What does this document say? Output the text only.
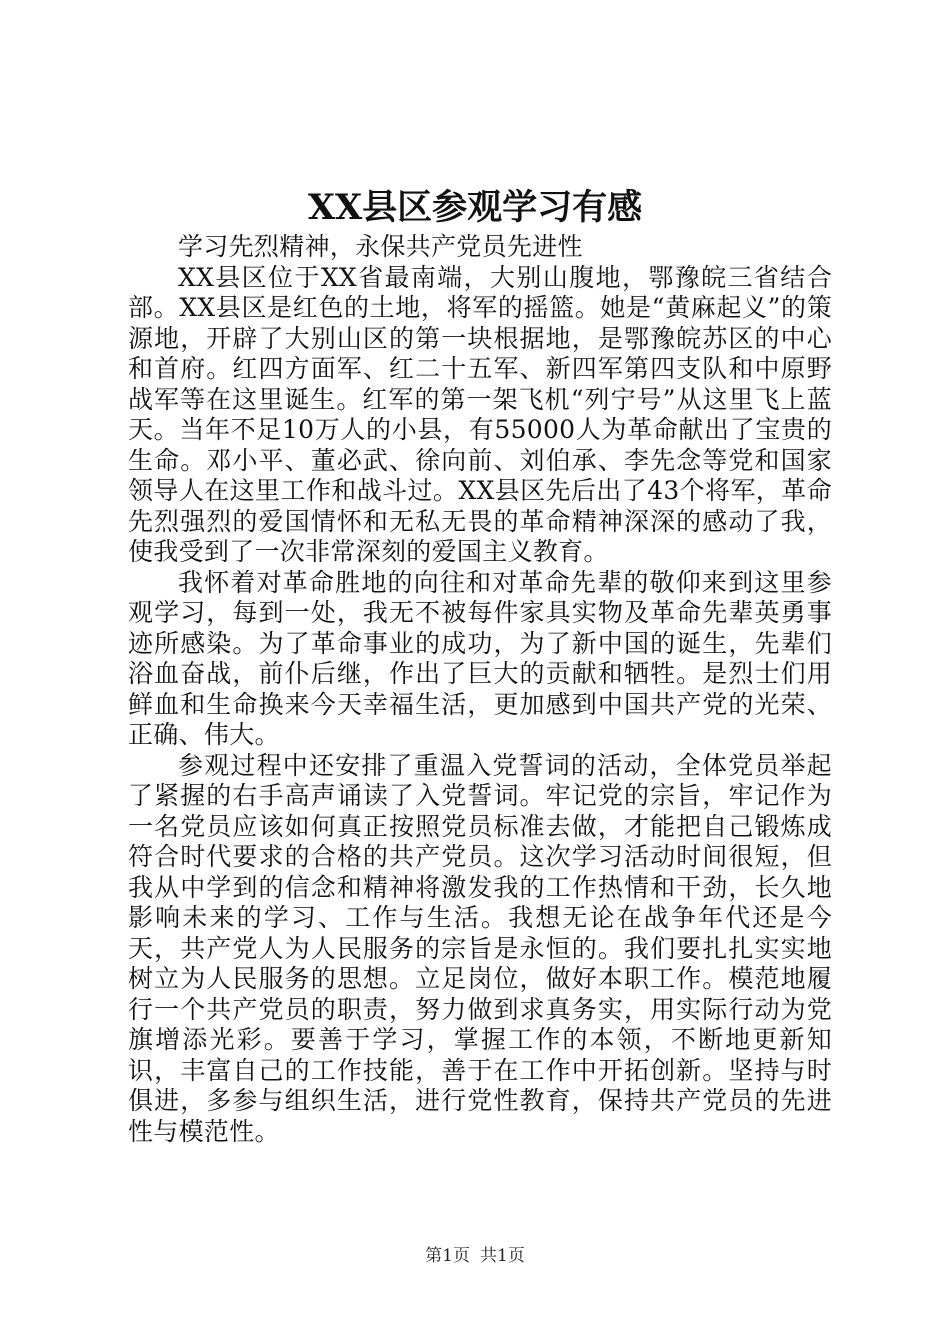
XX县区参观学习有感

学习先烈精神，永保共产党员先进性

XX县区位于XX省最南端，大别山腹地，鄂豫皖三省结合部。XX县区是红色的土地，将军的摇篮。她是“黄麻起义”的策源地，开辟了大别山区的第一块根据地，是鄂豫皖苏区的中心和首府。红四方面军、红二十五军、新四军第四支队和中原野战军等在这里诞生。红军的第一架飞机“列宁号”从这里飞上蓝天。当年不足10万人的小县，有55000人为革命献出了宝贵的生命。邓小平、董必武、徐向前、刘伯承、李先念等党和国家领导人在这里工作和战斗过。XX县区先后出了43个将军，革命先烈强烈的爱国情怀和无私无畏的革命精神深深的感动了我，使我受到了一次非常深刻的爱国主义教育。

我怀着对革命胜地的向往和对革命先辈的敬仰来到这里参观学习，每到一处，我无不被每件家具实物及革命先辈英勇事迹所感染。为了革命事业的成功，为了新中国的诞生，先辈们浴血奋战，前仆后继，作出了巨大的贡献和牺牲。是烈士们用鲜血和生命换来今天幸福生活，更加感到中国共产党的光荣、正确、伟大。

参观过程中还安排了重温入党誓词的活动，全体党员举起了紧握的右手高声诵读了入党誓词。牢记党的宗旨，牢记作为一名党员应该如何真正按照党员标准去做，才能把自己锻炼成符合时代要求的合格的共产党员。这次学习活动时间很短，但我从中学到的信念和精神将激发我的工作热情和干劲，长久地影响未来的学习、工作与生活。我想无论在战争年代还是今天，共产党人为人民服务的宗旨是永恒的。我们要扎扎实实地树立为人民服务的思想。立足岗位，做好本职工作。模范地履行一个共产党员的职责，努力做到求真务实，用实际行动为党旗增添光彩。要善于学习，掌握工作的本领，不断地更新知识，丰富自己的工作技能，善于在工作中开拓创新。坚持与时俱进，多参与组织生活，进行党性教育，保持共产党员的先进性与模范性。

第1页 共1页
